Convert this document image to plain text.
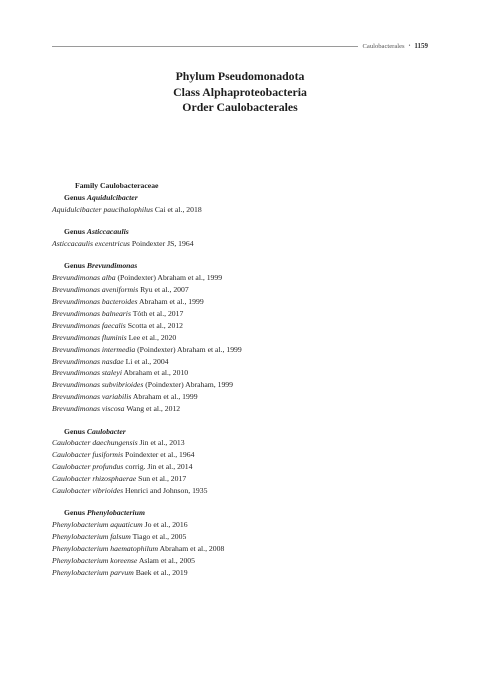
Caulobacterales • 1159
Phylum Pseudomonadota
Class Alphaproteobacteria
Order Caulobacterales
Family Caulobacteraceae
Genus Aquidulcibacter
Aquidulcibacter paucihalophilus Cai et al., 2018
Genus Asticcacaulis
Asticcacaulis excentricus Poindexter JS, 1964
Genus Brevundimonas
Brevundimonas alba (Poindexter) Abraham et al., 1999
Brevundimonas aveniformis Ryu et al., 2007
Brevundimonas bacteroides Abraham et al., 1999
Brevundimonas balnearis Tóth et al., 2017
Brevundimonas faecalis Scotta et al., 2012
Brevundimonas fluminis Lee et al., 2020
Brevundimonas intermedia (Poindexter) Abraham et al., 1999
Brevundimonas nasdae Li et al., 2004
Brevundimonas staleyi Abraham et al., 2010
Brevundimonas subvibrioides (Poindexter) Abraham, 1999
Brevundimonas variabilis Abraham et al., 1999
Brevundimonas viscosa Wang et al., 2012
Genus Caulobacter
Caulobacter daechungensis Jin et al., 2013
Caulobacter fusiformis Poindexter et al., 1964
Caulobacter profundus corrig. Jin et al., 2014
Caulobacter rhizosphaerae Sun et al., 2017
Caulobacter vibrioides Henrici and Johnson, 1935
Genus Phenylobacterium
Phenylobacterium aquaticum Jo et al., 2016
Phenylobacterium falsum Tiago et al., 2005
Phenylobacterium haematophilum Abraham et al., 2008
Phenylobacterium koreense Aslam et al., 2005
Phenylobacterium parvum Baek et al., 2019
